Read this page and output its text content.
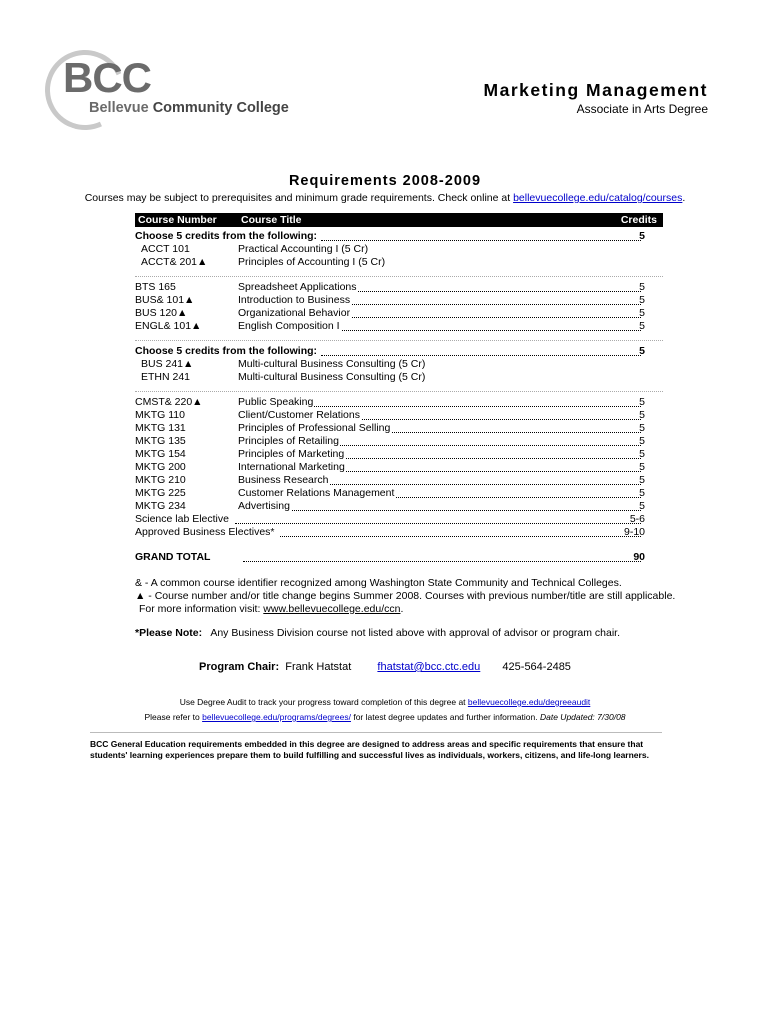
BCC
Bellevue Community College
Marketing Management
Associate in Arts Degree
Requirements 2008-2009
Courses may be subject to prerequisites and minimum grade requirements. Check online at bellevuecollege.edu/catalog/courses.
Course Number Course Title	Credits
Choose 5 credits from the following:	5
ACCT 101	Practical Accounting I (5 Cr)
ACCT& 201▲	Principles of Accounting I (5 Cr)
BTS 165	Spreadsheet Applications	5
BUS& 101▲	Introduction to Business	5
BUS 120▲	Organizational Behavior	5
ENGL& 101▲	English Composition I	5
Choose 5 credits from the following:	5
BUS 241▲	Multi-cultural Business Consulting (5 Cr)
ETHN 241	Multi-cultural Business Consulting (5 Cr)
CMST& 220▲	Public Speaking	5
MKTG 110	Client/Customer Relations	5
MKTG 131	Principles of Professional Selling	5
MKTG 135	Principles of Retailing	5
MKTG 154	Principles of Marketing	5
MKTG 200	International Marketing	5
MKTG 210	Business Research	5
MKTG 225	Customer Relations Management	5
MKTG 234	Advertising	5
Science lab Elective	5-6
Approved Business Electives*	9-10
GRAND TOTAL	90
& - A common course identifier recognized among Washington State Community and Technical Colleges.
▲ - Course number and/or title change begins Summer 2008. Courses with previous number/title are still applicable.
For more information visit: www.bellevuecollege.edu/ccn.
*Please Note: Any Business Division course not listed above with approval of advisor or program chair.
Program Chair: Frank Hatstat fhatstat@bcc.ctc.edu 425-564-2485
Use Degree Audit to track your progress toward completion of this degree at bellevuecollege.edu/degreeaudit
Please refer to bellevuecollege.edu/programs/degrees/ for latest degree updates and further information. Date Updated: 7/30/08
BCC General Education requirements embedded in this degree are designed to address areas and specific requirements that ensure that students' learning experiences prepare them to build fulfilling and successful lives as individuals, workers, citizens, and life-long learners.
